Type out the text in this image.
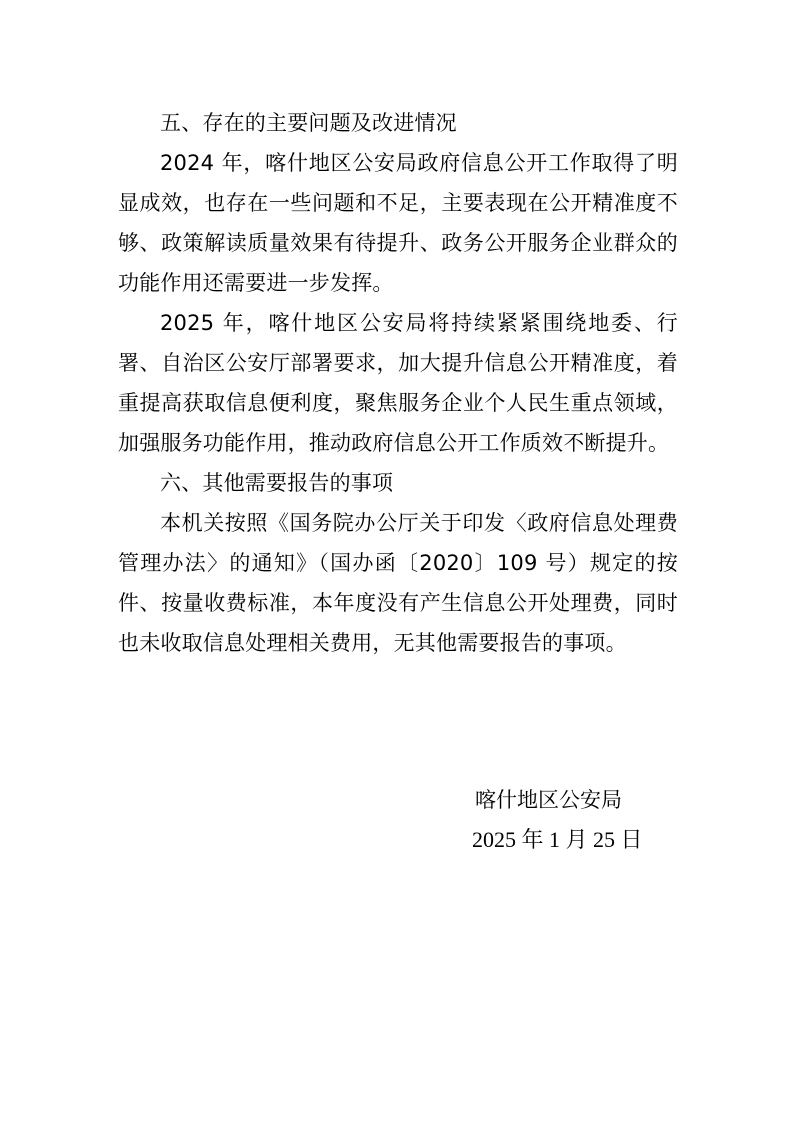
五、存在的主要问题及改进情况

2024 年，喀什地区公安局政府信息公开工作取得了明显成效，也存在一些问题和不足，主要表现在公开精准度不够、政策解读质量效果有待提升、政务公开服务企业群众的功能作用还需要进一步发挥。

2025 年，喀什地区公安局将持续紧紧围绕地委、行署、自治区公安厅部署要求，加大提升信息公开精准度，着重提高获取信息便利度，聚焦服务企业个人民生重点领域，加强服务功能作用，推动政府信息公开工作质效不断提升。

六、其他需要报告的事项

本机关按照《国务院办公厅关于印发〈政府信息处理费管理办法〉的通知》（国办函〔2020〕109 号）规定的按件、按量收费标准，本年度没有产生信息公开处理费，同时也未收取信息处理相关费用，无其他需要报告的事项。

喀什地区公安局
2025 年 1 月 25 日
